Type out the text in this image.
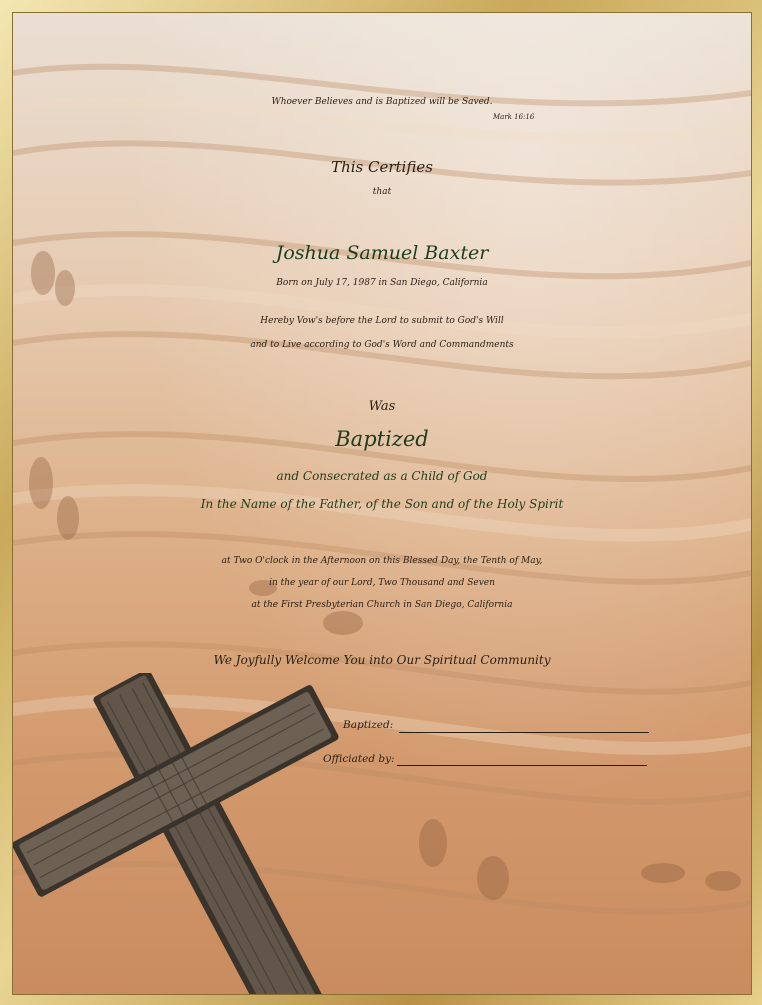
Whoever Believes and is Baptized will be Saved.
Mark 16:16
This Certifies
that
Joshua Samuel Baxter
Born on July 17, 1987 in San Diego, California
Hereby Vow's before the Lord to submit to God's Will
and to Live according to God's Word and Commandments
Was
Baptized
and Consecrated as a Child of God
In the Name of the Father, of the Son and of the Holy Spirit
at Two O'clock in the Afternoon on this Blessed Day, the Tenth of May,
in the year of our Lord, Two Thousand and Seven
at the First Presbyterian Church in San Diego, California
We Joyfully Welcome You into Our Spiritual Community
Baptized:
Officiated by:
